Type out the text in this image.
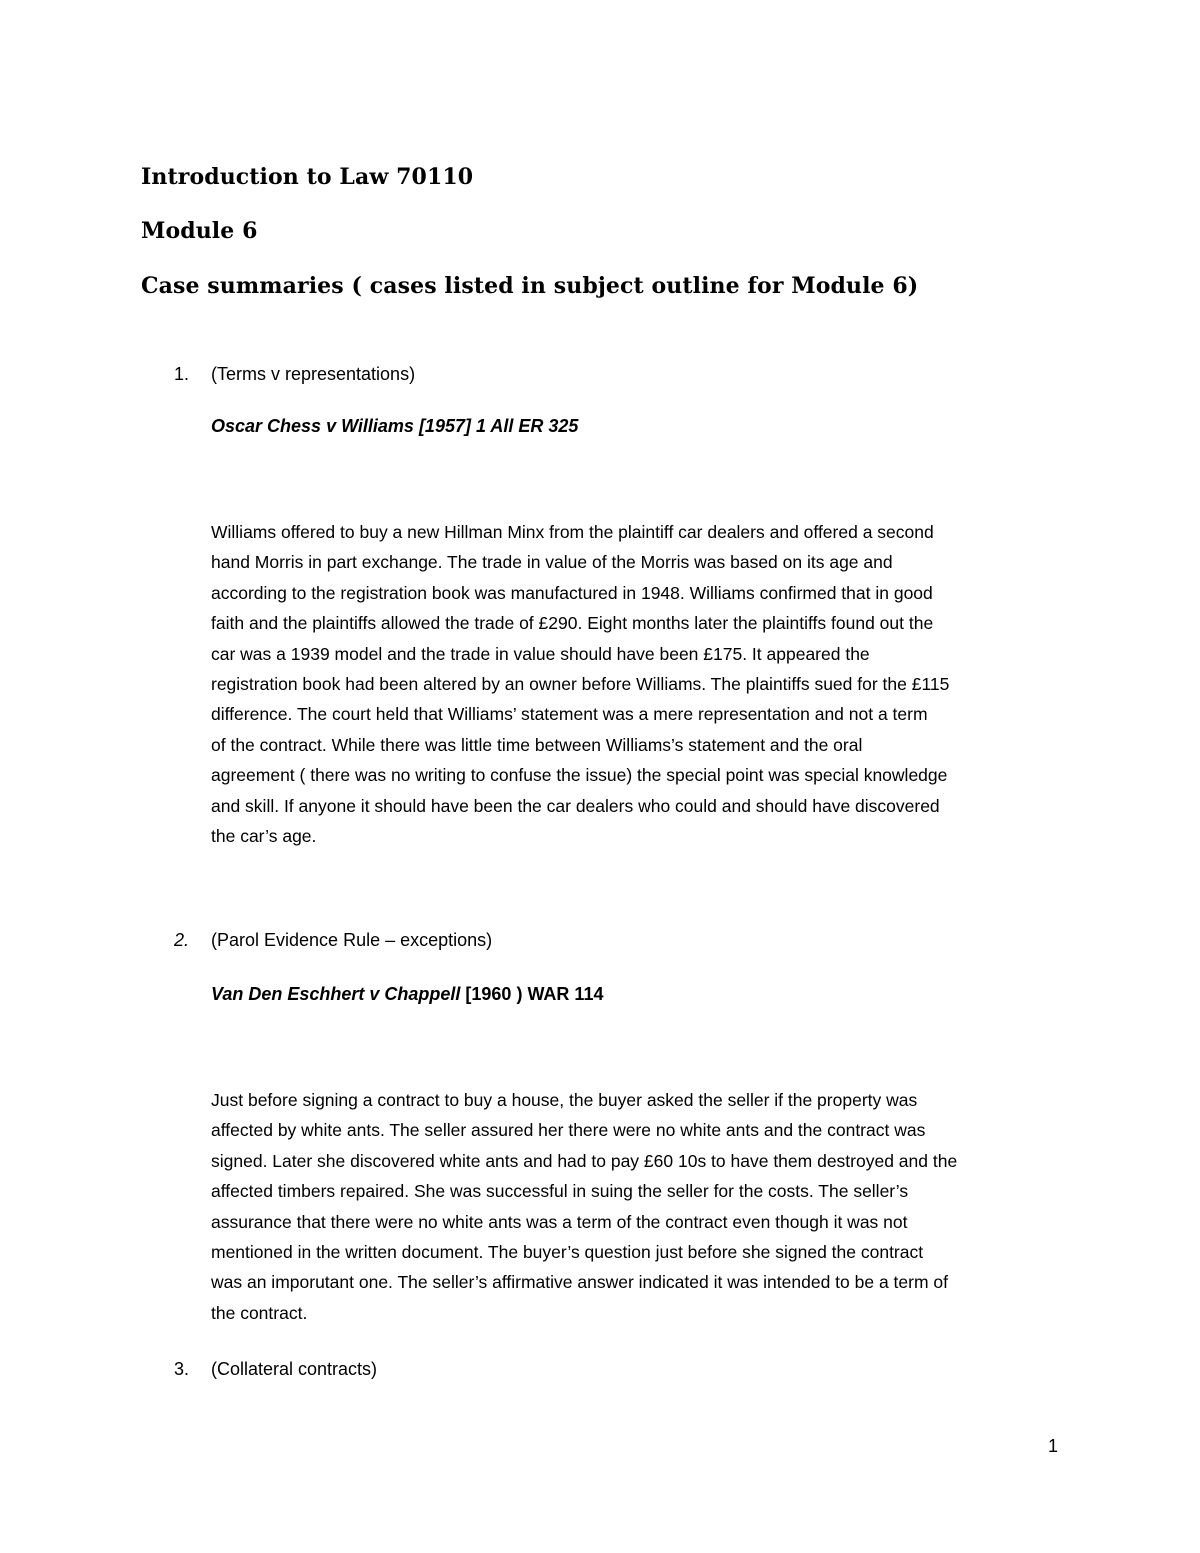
Introduction to Law 70110
Module 6
Case summaries ( cases listed in subject outline for Module 6)
1. (Terms v representations)
Oscar Chess v Williams [1957] 1 All ER 325
Williams offered to buy a new Hillman Minx from the plaintiff car dealers and offered a second
hand Morris in part exchange. The trade in value of the Morris was based on its age and
according to the registration book was manufactured in 1948. Williams confirmed that in good
faith and the plaintiffs allowed the trade of £290. Eight months later the plaintiffs found out the
car was a 1939 model and the trade in value should have been £175. It appeared the
registration book had been altered by an owner before Williams. The plaintiffs sued for the £115
difference. The court held that Williams’ statement was a mere representation and not a term
of the contract. While there was little time between Williams’s statement and the oral
agreement ( there was no writing to confuse the issue) the special point was special knowledge
and skill. If anyone it should have been the car dealers who could and should have discovered
the car’s age.
2. (Parol Evidence Rule – exceptions)
Van Den Eschhert v Chappell [1960 ) WAR 114
Just before signing a contract to buy a house, the buyer asked the seller if the property was
affected by white ants. The seller assured her there were no white ants and the contract was
signed. Later she discovered white ants and had to pay £60 10s to have them destroyed and the
affected timbers repaired. She was successful in suing the seller for the costs. The seller’s
assurance that there were no white ants was a term of the contract even though it was not
mentioned in the written document. The buyer’s question just before she signed the contract
was an imporutant one. The seller’s affirmative answer indicated it was intended to be a term of
the contract.
3. (Collateral contracts)
1
